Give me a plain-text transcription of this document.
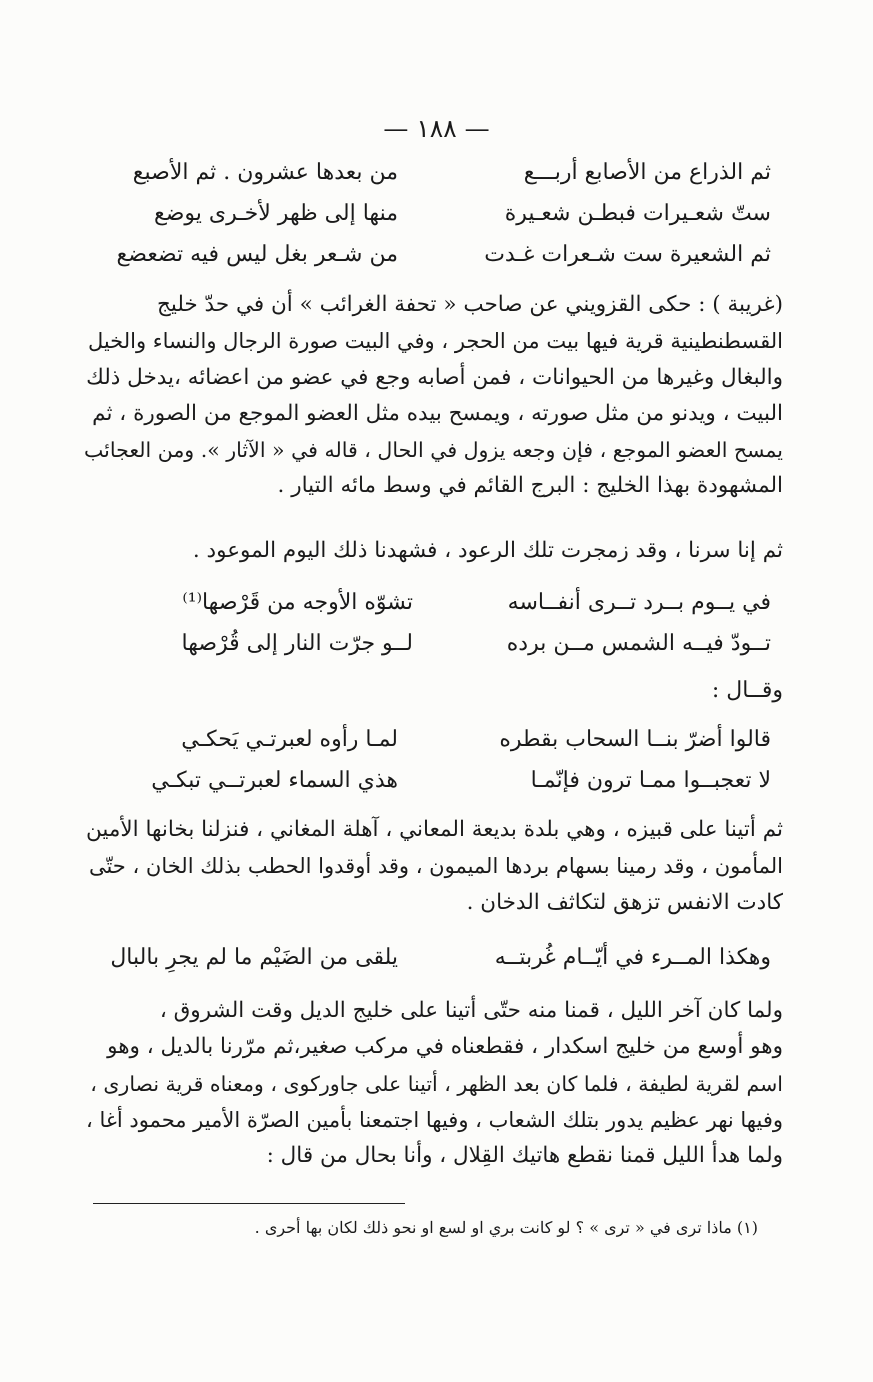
— ١٨٨ —
ثم الذراع من الأصابع أربـــع
من بعدها عشرون . ثم الأصبع
ستّ شعـيرات فبطـن شعـيرة
منها إلى ظهر لأخـرى يوضع
ثم الشعيرة ست شـعرات غـدت
من شـعر بغل ليس فيه تضعضع
(غريبة ) : حكى القزويني عن صاحب « تحفة الغرائب » أن في حدّ خليج
القسطنطينية قرية فيها بيت من الحجر ، وفي البيت صورة الرجال والنساء والخيل
والبغال وغيرها من الحيوانات ، فمن أصابه وجع في عضو من اعضائه ،يدخل ذلك
البيت ، ويدنو من مثل صورته ، ويمسح بيده مثل العضو الموجع من الصورة ، ثم
يمسح العضو الموجع ، فإن وجعه يزول في الحال ، قاله في « الآثار ». ومن العجائب
المشهودة بهذا الخليج : البرج القائم في وسط مائه التيار .
ثم إنا سرنا ، وقد زمجرت تلك الرعود ، فشهدنا ذلك اليوم الموعود .
في يــوم بــرد تــرى أنفــاسه
تشوّه الأوجه من قَرْصها⁽¹⁾
تــودّ فيــه الشمس مــن برده
لــو جرّت النار إلى قُرْصها
وقــال :
قالوا أضرّ بنــا السحاب بقطره
لمـا رأوه لعبرتـي يَحكـي
لا تعجبــوا ممـا ترون فإنّمـا
هذي السماء لعبرتــي تبكـي
ثم أتينا على قبيزه ، وهي بلدة بديعة المعاني ، آهلة المغاني ، فنزلنا بخانها الأمين
المأمون ، وقد رمينا بسهام بردها الميمون ، وقد أوقدوا الحطب بذلك الخان ، حتّى
كادت الانفس تزهق لتكاثف الدخان .
وهكذا المــرء في أيّــام غُربتــه
يلقى من الضَيْم ما لم يجرِ بالبال
ولما كان آخر الليل ، قمنا منه حتّى أتينا على خليج الديل وقت الشروق ،
وهو أوسع من خليج اسكدار ، فقطعناه في مركب صغير،ثم مرّرنا بالديل ، وهو
اسم لقرية لطيفة ، فلما كان بعد الظهر ، أتينا على جاوركوى ، ومعناه قرية نصارى ،
وفيها نهر عظيم يدور بتلك الشعاب ، وفيها اجتمعنا بأمين الصرّة الأمير محمود أغا ،
ولما هدأ الليل قمنا نقطع هاتيك القِلال ، وأنا بحال من قال :
(١) ماذا ترى في « ترى » ؟ لو كانت بري او لسع او نحو ذلك لكان بها أحرى .
